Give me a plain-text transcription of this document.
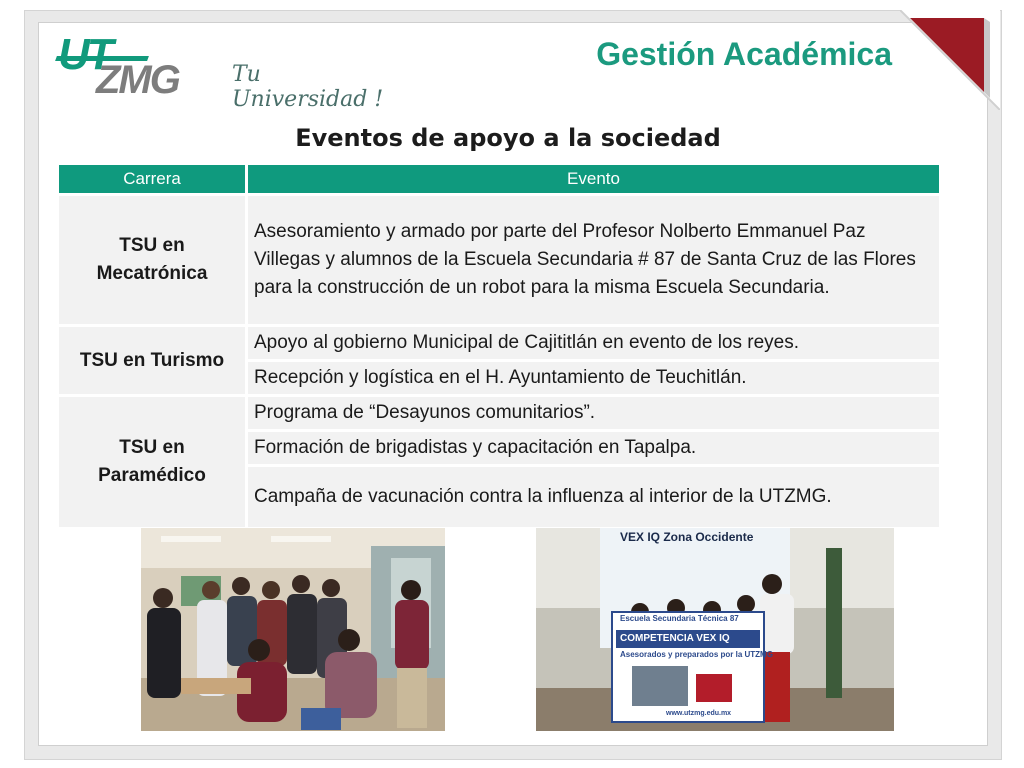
UT
ZMG Tu Universidad !
Gestión Académica
Eventos de apoyo a la sociedad
Carrera	Evento
TSU en Mecatrónica	Asesoramiento y armado por parte del Profesor Nolberto Emmanuel Paz Villegas y alumnos de la Escuela Secundaria # 87 de Santa Cruz de las Flores para la construcción de un robot para la misma Escuela Secundaria.
TSU en Turismo	Apoyo al gobierno Municipal de Cajititlán en evento de los reyes.
	Recepción y logística en el H. Ayuntamiento de Teuchitlán.
TSU en Paramédico	Programa de “Desayunos comunitarios”.
	Formación de brigadistas y capacitación en Tapalpa.
	Campaña de vacunación contra la influenza al interior de la UTZMG.
VEX IQ Zona Occidente
Escuela Secundaria Técnica 87
COMPETENCIA VEX IQ
Asesorados y preparados por la UTZMG
www.utzmg.edu.mx
